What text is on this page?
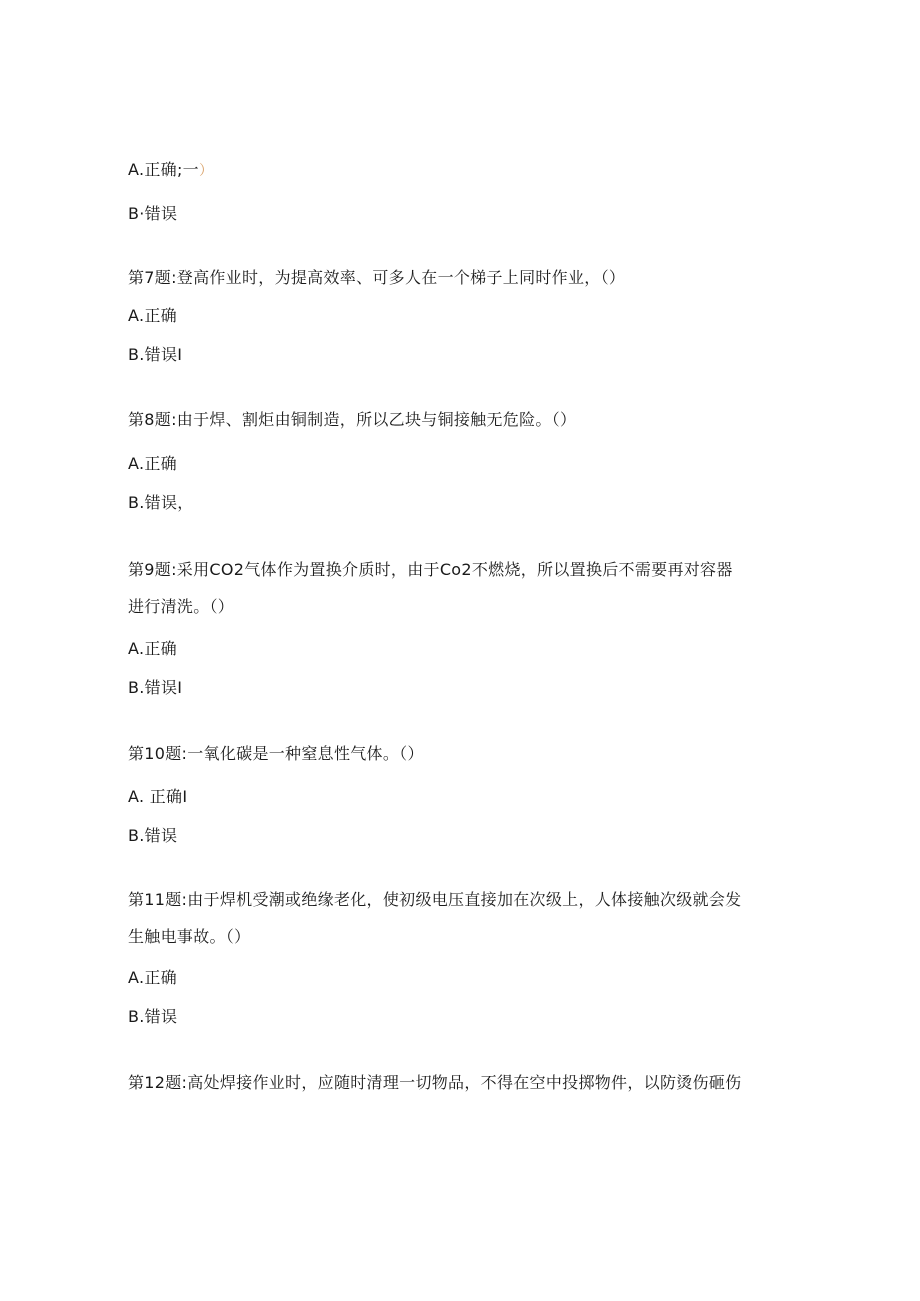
A.正确;一）
B·错误
第7题:登高作业时，为提高效率、可多人在一个梯子上同时作业，（）
A.正确
B.错误I
第8题:由于焊、割炬由铜制造，所以乙块与铜接触无危险。（）
A.正确
B.错误，
第9题:采用CO2气体作为置换介质时，由于Co2不燃烧，所以置换后不需要再对容器
进行清洗。（）
A.正确
B.错误I
第10题:一氧化碳是一种窒息性气体。（）
A. 正确I
B.错误
第11题:由于焊机受潮或绝缘老化，使初级电压直接加在次级上，人体接触次级就会发
生触电事故。（）
A.正确
B.错误
第12题:高处焊接作业时，应随时清理一切物品，不得在空中投掷物件，以防烫伤砸伤
